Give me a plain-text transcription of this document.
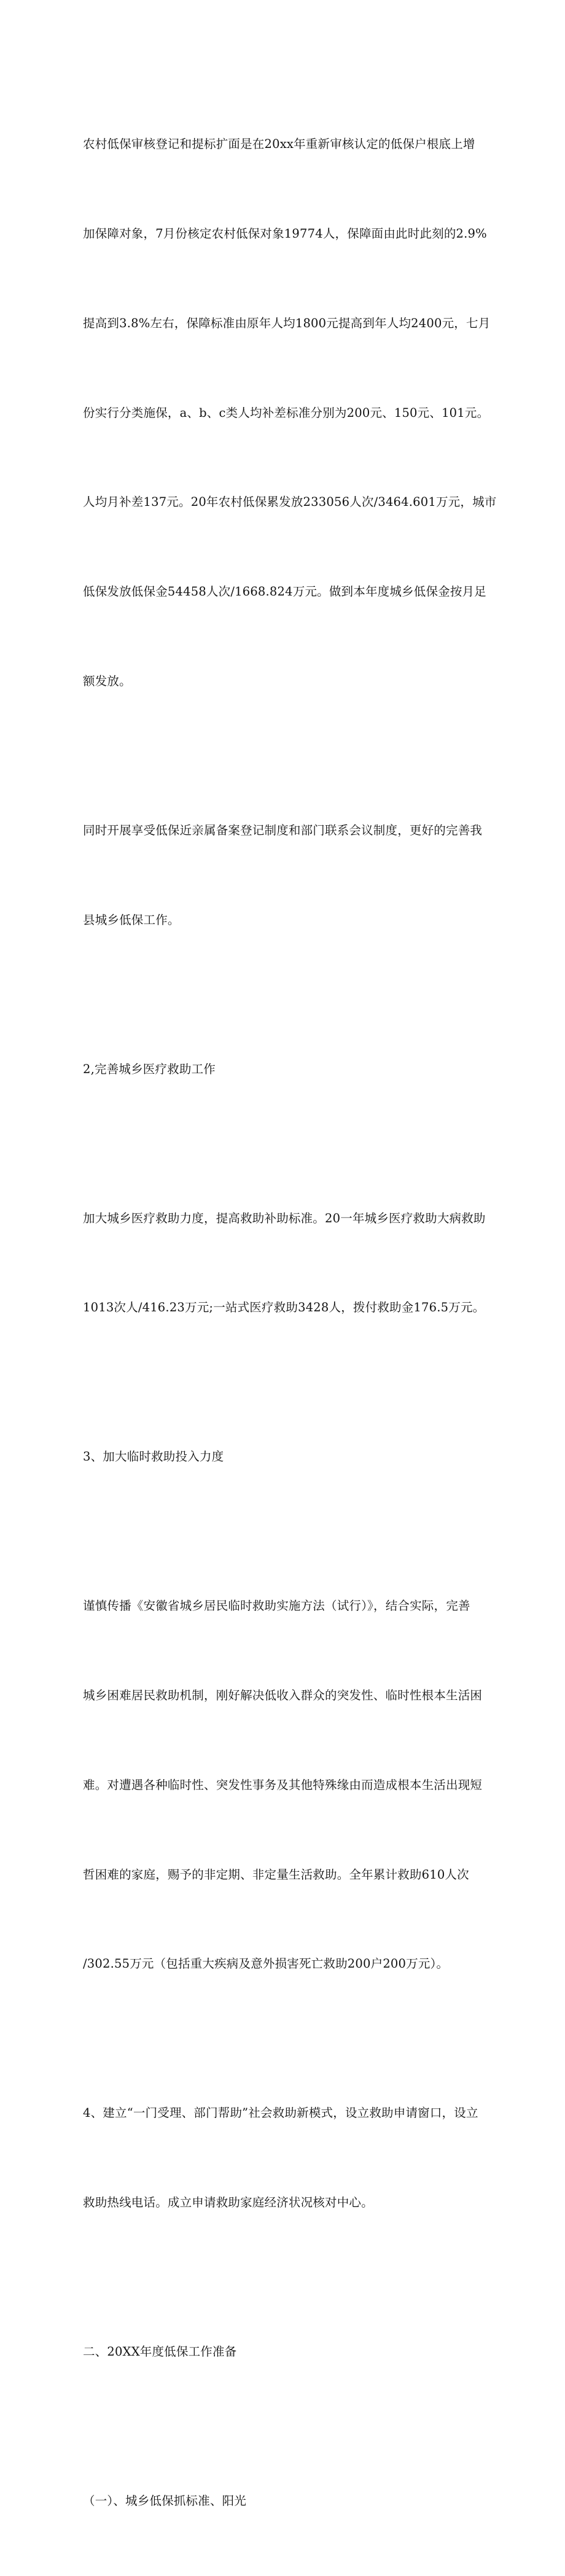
农村低保审核登记和提标扩面是在20xx年重新审核认定的低保户根底上增

加保障对象，7月份核定农村低保对象19774人，保障面由此时此刻的2.9%

提高到3.8%左右，保障标准由原年人均1800元提高到年人均2400元，七月

份实行分类施保，a、b、c类人均补差标准分别为200元、150元、101元。

人均月补差137元。20年农村低保累发放233056人次/3464.601万元，城市

低保发放低保金54458人次/1668.824万元。做到本年度城乡低保金按月足

额发放。

同时开展享受低保近亲属备案登记制度和部门联系会议制度，更好的完善我

县城乡低保工作。

2,完善城乡医疗救助工作

加大城乡医疗救助力度，提高救助补助标准。20一年城乡医疗救助大病救助

1013次人/416.23万元;一站式医疗救助3428人，拨付救助金176.5万元。

3、加大临时救助投入力度

谨慎传播《安徽省城乡居民临时救助实施方法（试行）》，结合实际，完善

城乡困难居民救助机制，刚好解决低收入群众的突发性、临时性根本生活困

难。对遭遇各种临时性、突发性事务及其他特殊缘由而造成根本生活出现短

哲困难的家庭，赐予的非定期、非定量生活救助。全年累计救助610人次

/302.55万元（包括重大疾病及意外损害死亡救助200户200万元）。

4、建立“一门受理、部门帮助”社会救助新模式，设立救助申请窗口，设立

救助热线电话。成立申请救助家庭经济状况核对中心。

二、20XX年度低保工作准备

（一）、城乡低保抓标准、阳光
